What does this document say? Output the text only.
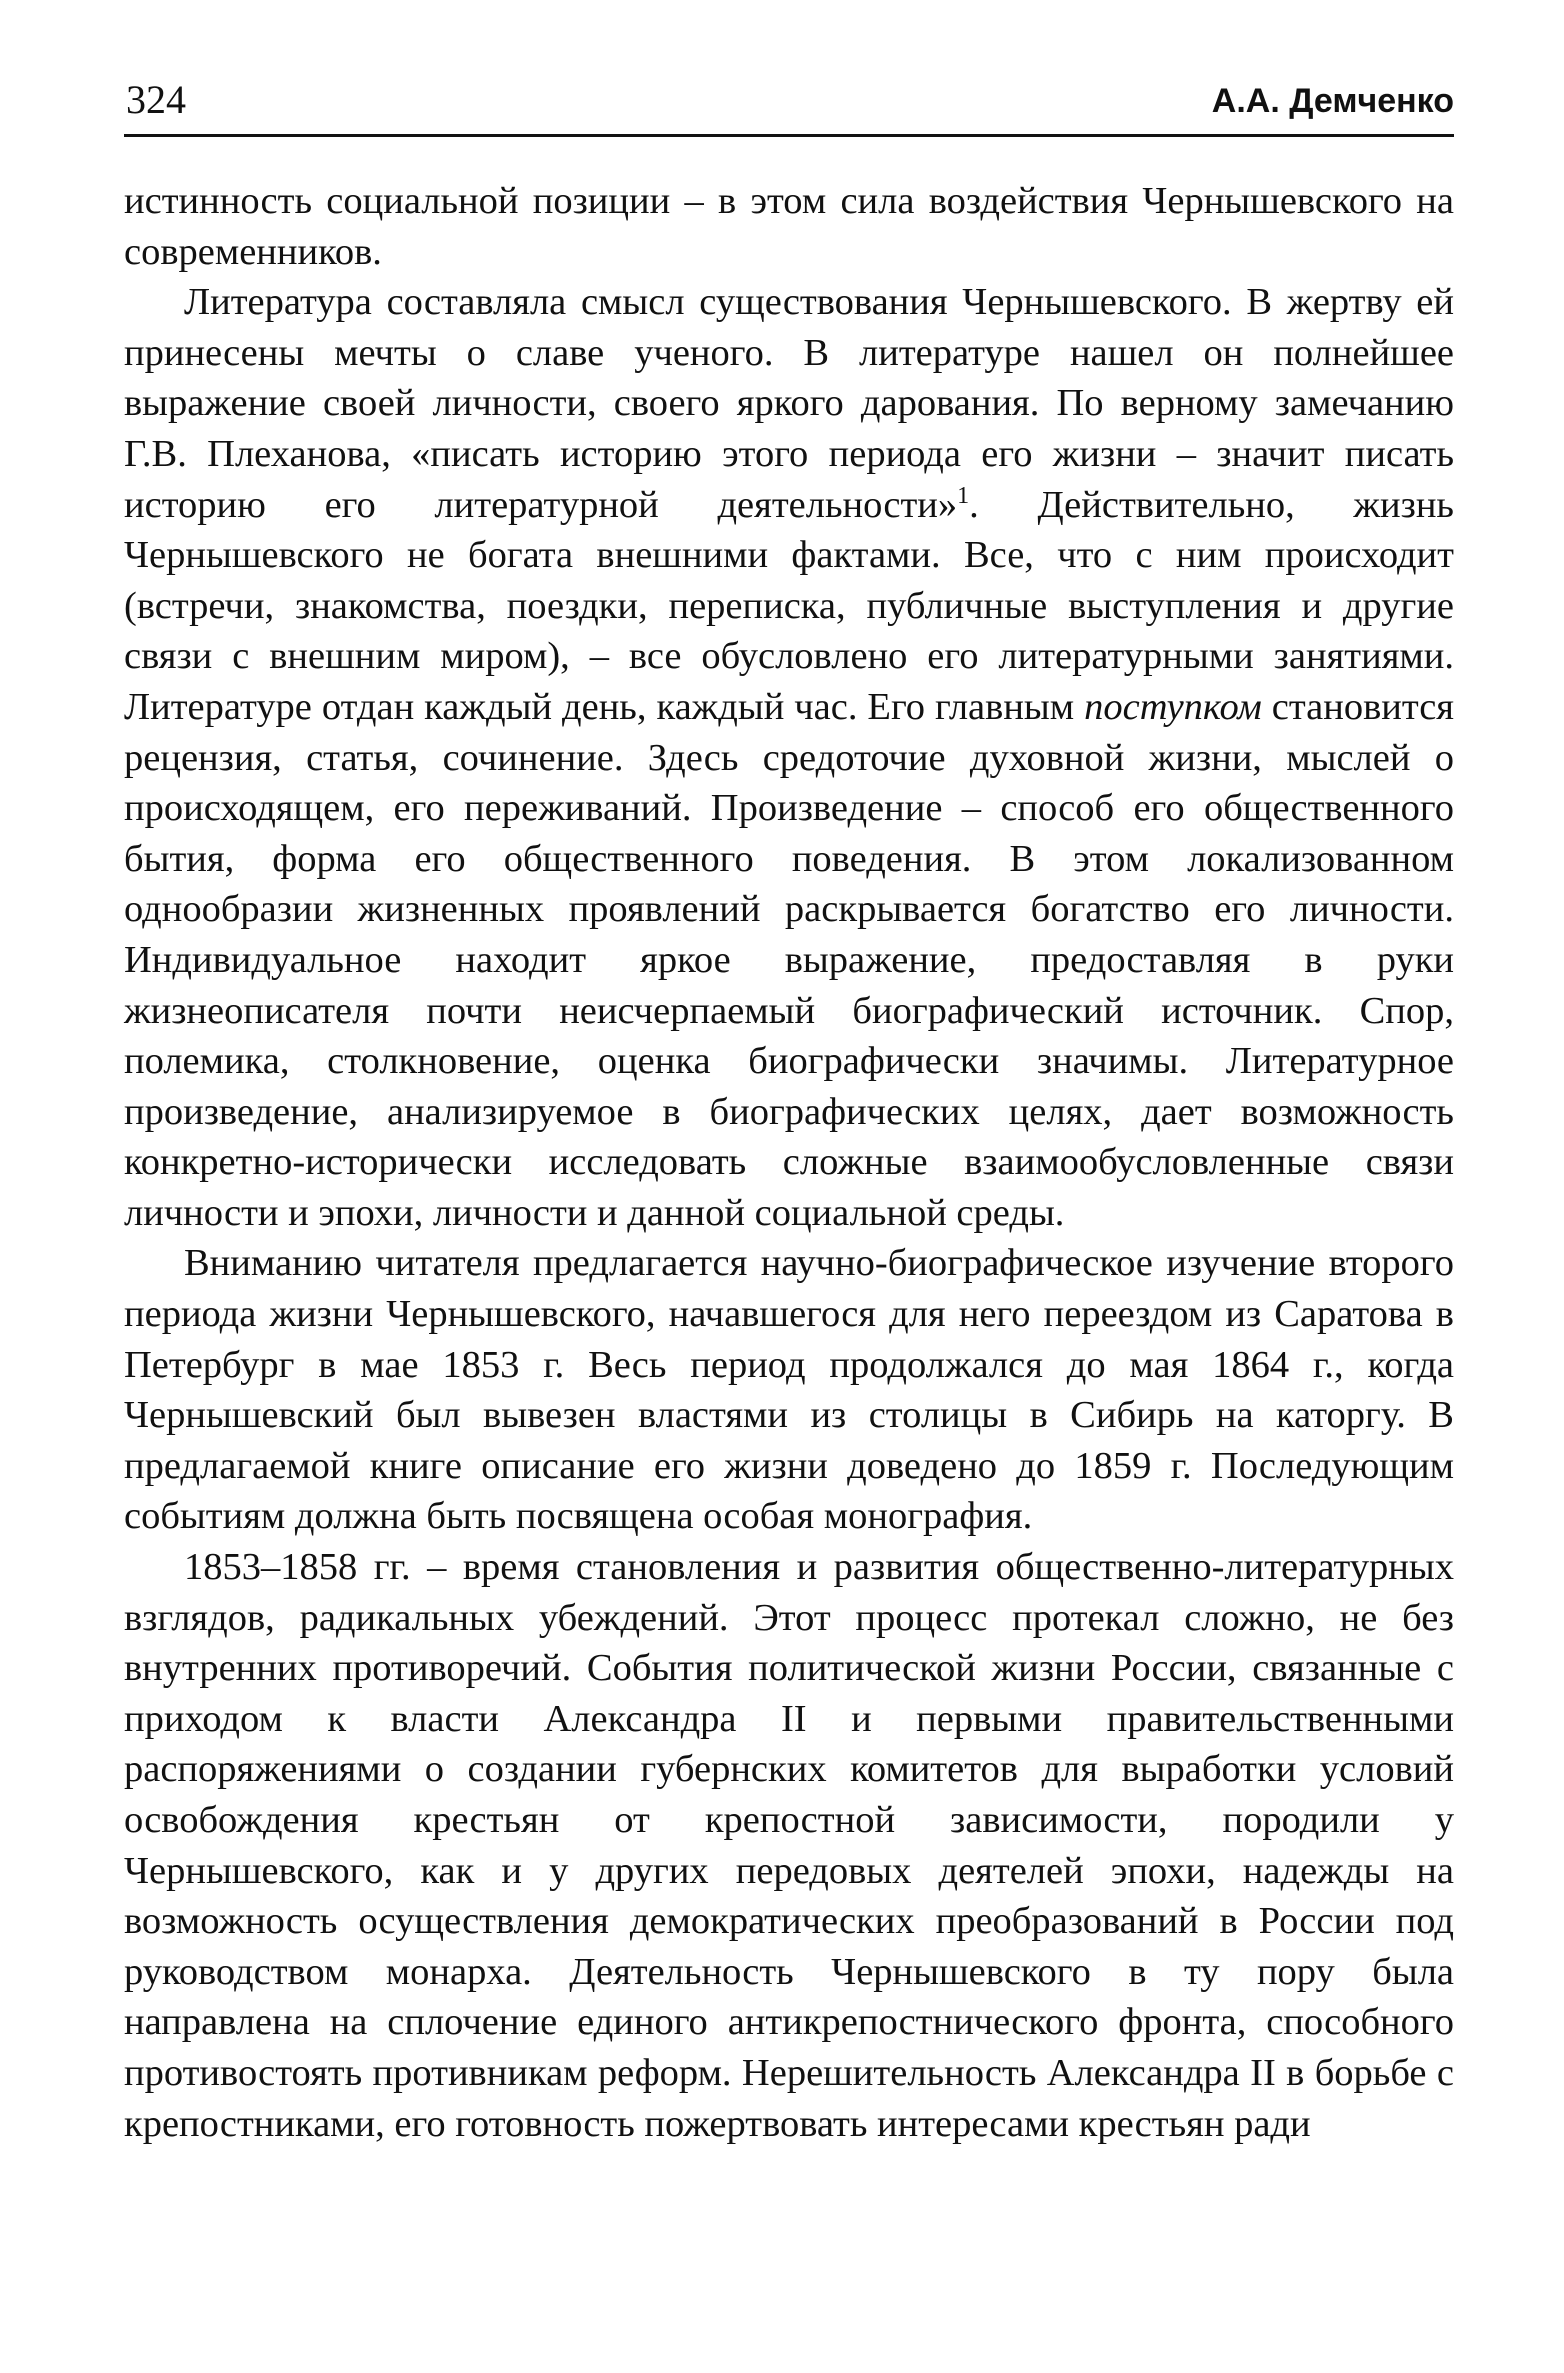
324	А.А. Демченко

истинность социальной позиции – в этом сила воздействия Чернышевского на современников.

Литература составляла смысл существования Чернышевского. В жертву ей принесены мечты о славе ученого. В литературе нашел он полнейшее выражение своей личности, своего яркого дарования. По верному замечанию Г.В. Плеханова, «писать историю этого периода его жизни – значит писать историю его литературной деятельности»$^1$. Действительно, жизнь Чернышевского не богата внешними фактами. Все, что с ним происходит (встречи, знакомства, поездки, переписка, публичные выступления и другие связи с внешним миром), – все обусловлено его литературными занятиями. Литературе отдан каждый день, каждый час. Его главным поступком становится рецензия, статья, сочинение. Здесь средоточие духовной жизни, мыслей о происходящем, его переживаний. Произведение – способ его общественного бытия, форма его общественного поведения. В этом локализованном однообразии жизненных проявлений раскрывается богатство его личности. Индивидуальное находит яркое выражение, предоставляя в руки жизнеописателя почти неисчерпаемый биографический источник. Спор, полемика, столкновение, оценка биографически значимы. Литературное произведение, анализируемое в биографических целях, дает возможность конкретно-исторически исследовать сложные взаимообусловленные связи личности и эпохи, личности и данной социальной среды.

Вниманию читателя предлагается научно-биографическое изучение второго периода жизни Чернышевского, начавшегося для него переездом из Саратова в Петербург в мае 1853 г. Весь период продолжался до мая 1864 г., когда Чернышевский был вывезен властями из столицы в Сибирь на каторгу. В предлагаемой книге описание его жизни доведено до 1859 г. Последующим событиям должна быть посвящена особая монография.

1853–1858 гг. – время становления и развития общественно-литературных взглядов, радикальных убеждений. Этот процесс протекал сложно, не без внутренних противоречий. События политической жизни России, связанные с приходом к власти Александра II и первыми правительственными распоряжениями о создании губернских комитетов для выработки условий освобождения крестьян от крепостной зависимости, породили у Чернышевского, как и у других передовых деятелей эпохи, надежды на возможность осуществления демократических преобразований в России под руководством монарха. Деятельность Чернышевского в ту пору была направлена на сплочение единого антикрепостнического фронта, способного противостоять противникам реформ. Нерешительность Александра II в борьбе с крепостниками, его готовность пожертвовать интересами крестьян ради
